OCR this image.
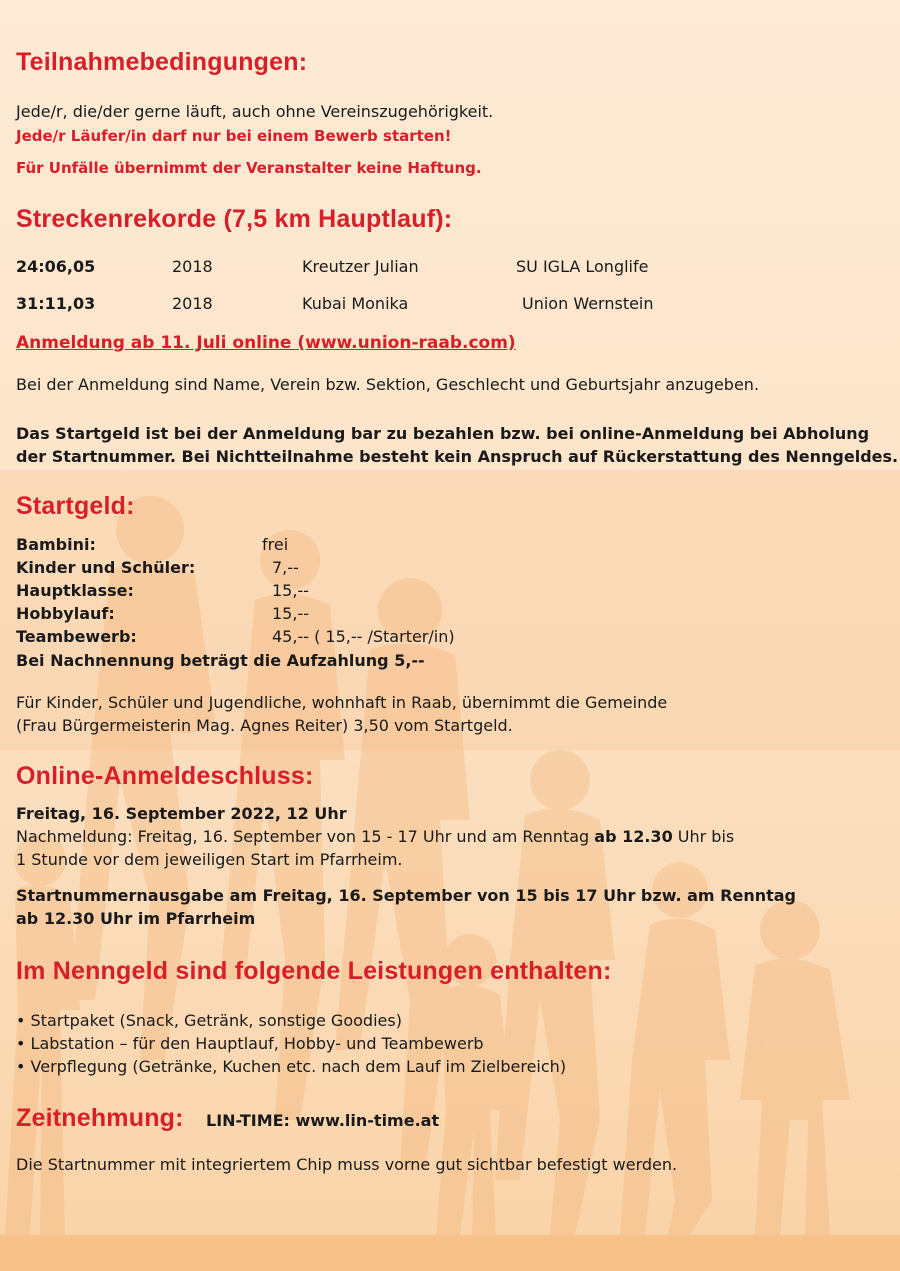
Teilnahmebedingungen:
Jede/r, die/der gerne läuft, auch ohne Vereinszugehörigkeit.
Jede/r Läufer/in darf nur bei einem Bewerb starten!
Für Unfälle übernimmt der Veranstalter keine Haftung.
Streckenrekorde (7,5 km Hauptlauf):
24:06,05	2018	Kreutzer Julian	SU IGLA Longlife
31:11,03	2018	Kubai Monika	Union Wernstein
Anmeldung ab 11. Juli online (www.union-raab.com)
Bei der Anmeldung sind Name, Verein bzw. Sektion, Geschlecht und Geburtsjahr anzugeben.
Das Startgeld ist bei der Anmeldung bar zu bezahlen bzw. bei online-Anmeldung bei Abholung
der Startnummer. Bei Nichtteilnahme besteht kein Anspruch auf Rückerstattung des Nenngeldes.
Startgeld:
Bambini:	frei
Kinder und Schüler:	7,--
Hauptklasse:	15,--
Hobbylauf:	15,--
Teambewerb:	45,-- ( 15,-- /Starter/in)
Bei Nachnennung beträgt die Aufzahlung 5,--
Für Kinder, Schüler und Jugendliche, wohnhaft in Raab, übernimmt die Gemeinde
(Frau Bürgermeisterin Mag. Agnes Reiter) 3,50 vom Startgeld.
Online-Anmeldeschluss:
Freitag, 16. September 2022, 12 Uhr
Nachmeldung: Freitag, 16. September von 15 - 17 Uhr und am Renntag ab 12.30 Uhr bis
1 Stunde vor dem jeweiligen Start im Pfarrheim.
Startnummernausgabe am Freitag, 16. September von 15 bis 17 Uhr bzw. am Renntag
ab 12.30 Uhr im Pfarrheim
Im Nenngeld sind folgende Leistungen enthalten:
• Startpaket (Snack, Getränk, sonstige Goodies)
• Labstation – für den Hauptlauf, Hobby- und Teambewerb
• Verpflegung (Getränke, Kuchen etc. nach dem Lauf im Zielbereich)
Zeitnehmung: LIN-TIME: www.lin-time.at
Die Startnummer mit integriertem Chip muss vorne gut sichtbar befestigt werden.
